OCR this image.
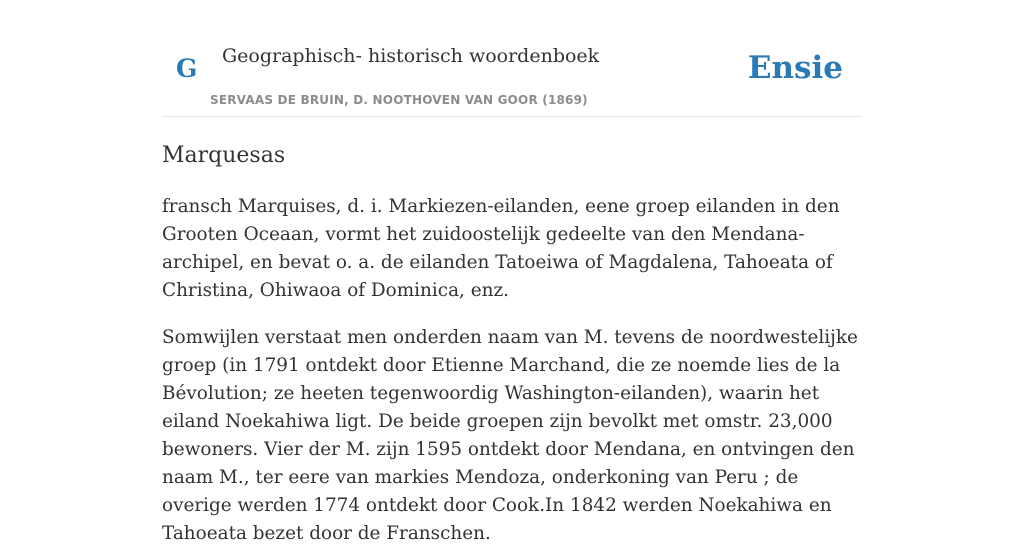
G Geographisch- historisch woordenboek
SERVAAS DE BRUIN, D. NOOTHOVEN VAN GOOR (1869)
Ensie
Marquesas

fransch Marquises, d. i. Markiezen-eilanden, eene groep eilanden in den Grooten Oceaan, vormt het zuidoostelijk gedeelte van den Mendana-archipel, en bevat o. a. de eilanden Tatoeiwa of Magdalena, Tahoeata of Christina, Ohiwaoa of Dominica, enz.

Somwijlen verstaat men onderden naam van M. tevens de noordwestelijke groep (in 1791 ontdekt door Etienne Marchand, die ze noemde lies de la Bévolution; ze heeten tegenwoordig Washington-eilanden), waarin het eiland Noekahiwa ligt. De beide groepen zijn bevolkt met omstr. 23,000 bewoners. Vier der M. zijn 1595 ontdekt door Mendana, en ontvingen den naam M., ter eere van markies Mendoza, onderkoning van Peru ; de overige werden 1774 ontdekt door Cook.In 1842 werden Noekahiwa en Tahoeata bezet door de Franschen.
